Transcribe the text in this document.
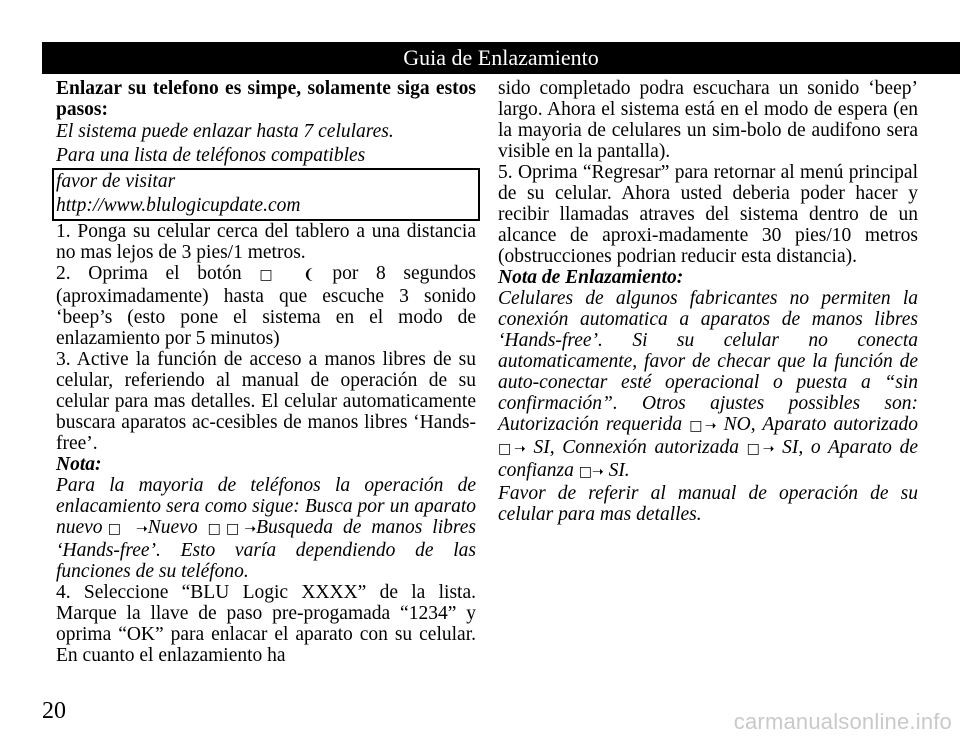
Guia de Enlazamiento

Enlazar su telefono es simpe, solamente siga estos pasos:

El sistema puede enlazar hasta 7 celulares.

Para una lista de teléfonos compatibles

favor de visitar
http://www.blulogicupdate.com

1. Ponga su celular cerca del tablero a una distancia no mas lejos de 3 pies/1 metros.

2. Oprima el botón □ ❨ por 8 segundos (aproximadamente) hasta que escuche 3 sonido ‘beep’s (esto pone el sistema en el modo de enlazamiento por 5 minutos)

3. Active la función de acceso a manos libres de su celular, referiendo al manual de operación de su celular para mas detalles. El celular automaticamente buscara aparatos ac-cesibles de manos libres ‘Hands-free’.

Nota:

Para la mayoria de teléfonos la operación de enlacamiento sera como sigue: Busca por un aparato nuevo□ ➝Nuevo □□➝Busqueda de manos libres ‘Hands-free’. Esto varía dependiendo de las funciones de su teléfono.

4. Seleccione “BLU Logic XXXX” de la lista. Marque la llave de paso pre-progamada “1234” y oprima “OK” para enlacar el aparato con su celular. En cuanto el enlazamiento ha

sido completado podra escuchara un sonido ‘beep’ largo. Ahora el sistema está en el modo de espera (en la mayoria de celulares un sim-bolo de audifono sera visible en la pantalla).

5. Oprima “Regresar” para retornar al menú principal de su celular. Ahora usted deberia poder hacer y recibir llamadas atraves del sistema dentro de un alcance de aproxi-madamente 30 pies/10 metros (obstrucciones podrian reducir esta distancia).

Nota de Enlazamiento:

Celulares de algunos fabricantes no permiten la conexión automatica a aparatos de manos libres ‘Hands-free’. Si su celular no conecta automaticamente, favor de checar que la función de auto-conectar esté operacional o puesta a “sin confirmación”. Otros ajustes possibles son: Autorización requerida □➝ NO, Aparato autorizado □➝ SI, Connexión autorizada □➝ SI, o Aparato de confianza □➝ SI.

Favor de referir al manual de operación de su celular para mas detalles.

20	carmanualsonline.info
